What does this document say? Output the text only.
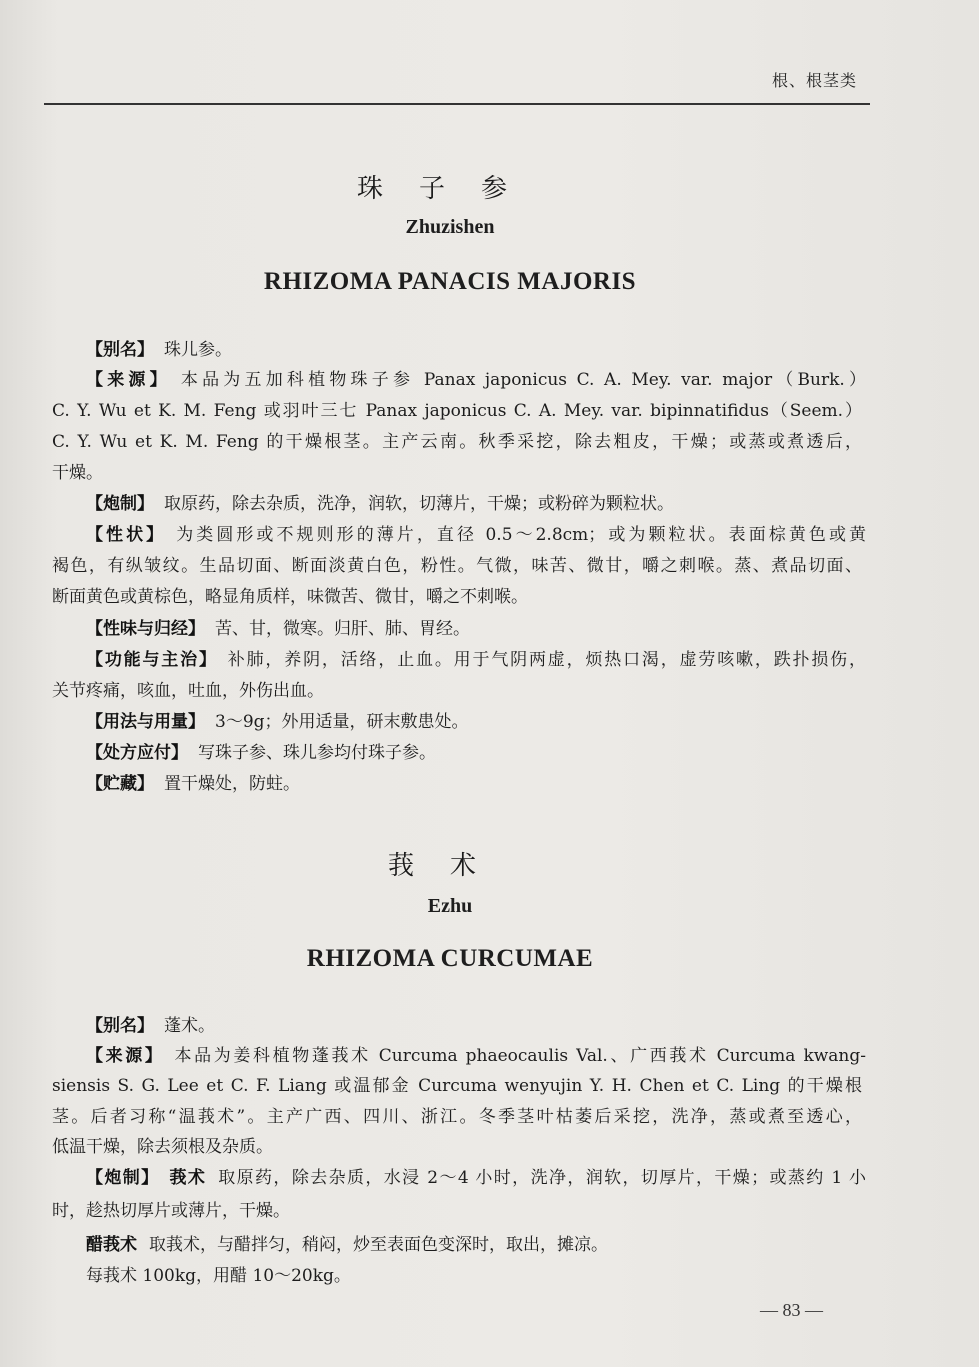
根、根茎类
珠子参
Zhuzishen
RHIZOMA PANACIS MAJORIS
【别名】 珠儿参。
【来源】 本品为五加科植物珠子参 Panax japonicus C. A. Mey. var. major（Burk.）
C. Y. Wu et K. M. Feng 或羽叶三七 Panax japonicus C. A. Mey. var. bipinnatifidus（Seem.）
C. Y. Wu et K. M. Feng 的干燥根茎。主产云南。秋季采挖，除去粗皮，干燥；或蒸或煮透后，
干燥。
【炮制】 取原药，除去杂质，洗净，润软，切薄片，干燥；或粉碎为颗粒状。
【性状】 为类圆形或不规则形的薄片，直径 0.5～2.8cm；或为颗粒状。表面棕黄色或黄
褐色，有纵皱纹。生品切面、断面淡黄白色，粉性。气微，味苦、微甘，嚼之刺喉。蒸、煮品切面、
断面黄色或黄棕色，略显角质样，味微苦、微甘，嚼之不刺喉。
【性味与归经】 苦、甘，微寒。归肝、肺、胃经。
【功能与主治】 补肺，养阴，活络，止血。用于气阴两虚，烦热口渴，虚劳咳嗽，跌扑损伤，
关节疼痛，咳血，吐血，外伤出血。
【用法与用量】 3～9g；外用适量，研末敷患处。
【处方应付】 写珠子参、珠儿参均付珠子参。
【贮藏】 置干燥处，防蛀。
莪术
Ezhu
RHIZOMA CURCUMAE
【别名】 蓬术。
【来源】 本品为姜科植物蓬莪术 Curcuma phaeocaulis Val.、广西莪术 Curcuma kwang-
siensis S. G. Lee et C. F. Liang 或温郁金 Curcuma wenyujin Y. H. Chen et C. Ling 的干燥根
茎。后者习称“温莪术”。主产广西、四川、浙江。冬季茎叶枯萎后采挖，洗净，蒸或煮至透心，
低温干燥，除去须根及杂质。
【炮制】 莪术 取原药，除去杂质，水浸 2～4 小时，洗净，润软，切厚片，干燥；或蒸约 1 小
时，趁热切厚片或薄片，干燥。
醋莪术 取莪术，与醋拌匀，稍闷，炒至表面色变深时，取出，摊凉。
每莪术 100kg，用醋 10～20kg。
— 83 —
